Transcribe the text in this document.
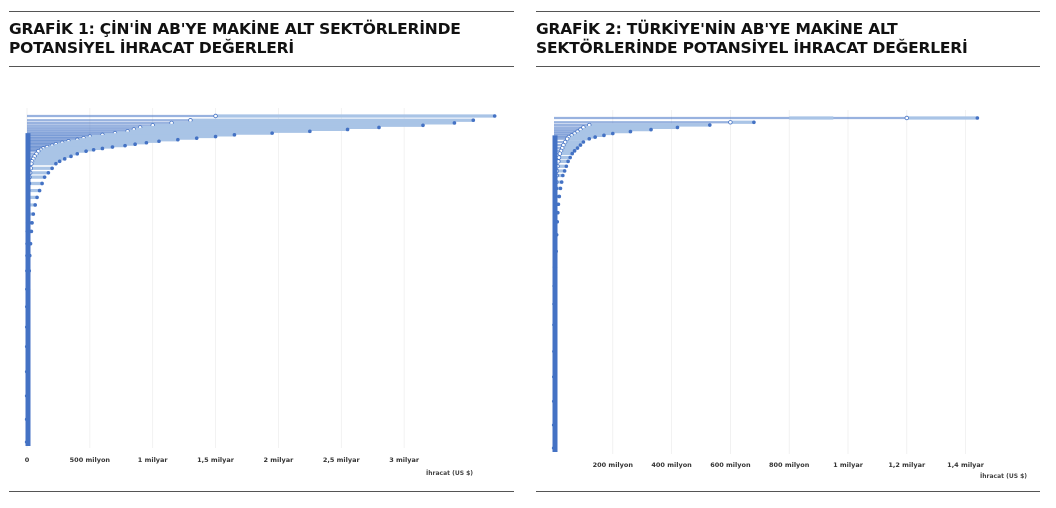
GRAFİK 1: ÇİN'İN AB'YE MAKİNE ALT SEKTÖRLERİNDE
POTANSİYEL İHRACAT DEĞERLERİ
0	500 milyon	1 milyar	1,5 milyar	2 milyar	2,5 milyar	3 milyar
İhracat (US $)
GRAFİK 2: TÜRKİYE'NİN AB'YE MAKİNE ALT
SEKTÖRLERİNDE POTANSİYEL İHRACAT DEĞERLERİ
200 milyon	400 milyon	600 milyon	800 milyon	1 milyar	1,2 milyar	1,4 milyar
İhracat (US $)
